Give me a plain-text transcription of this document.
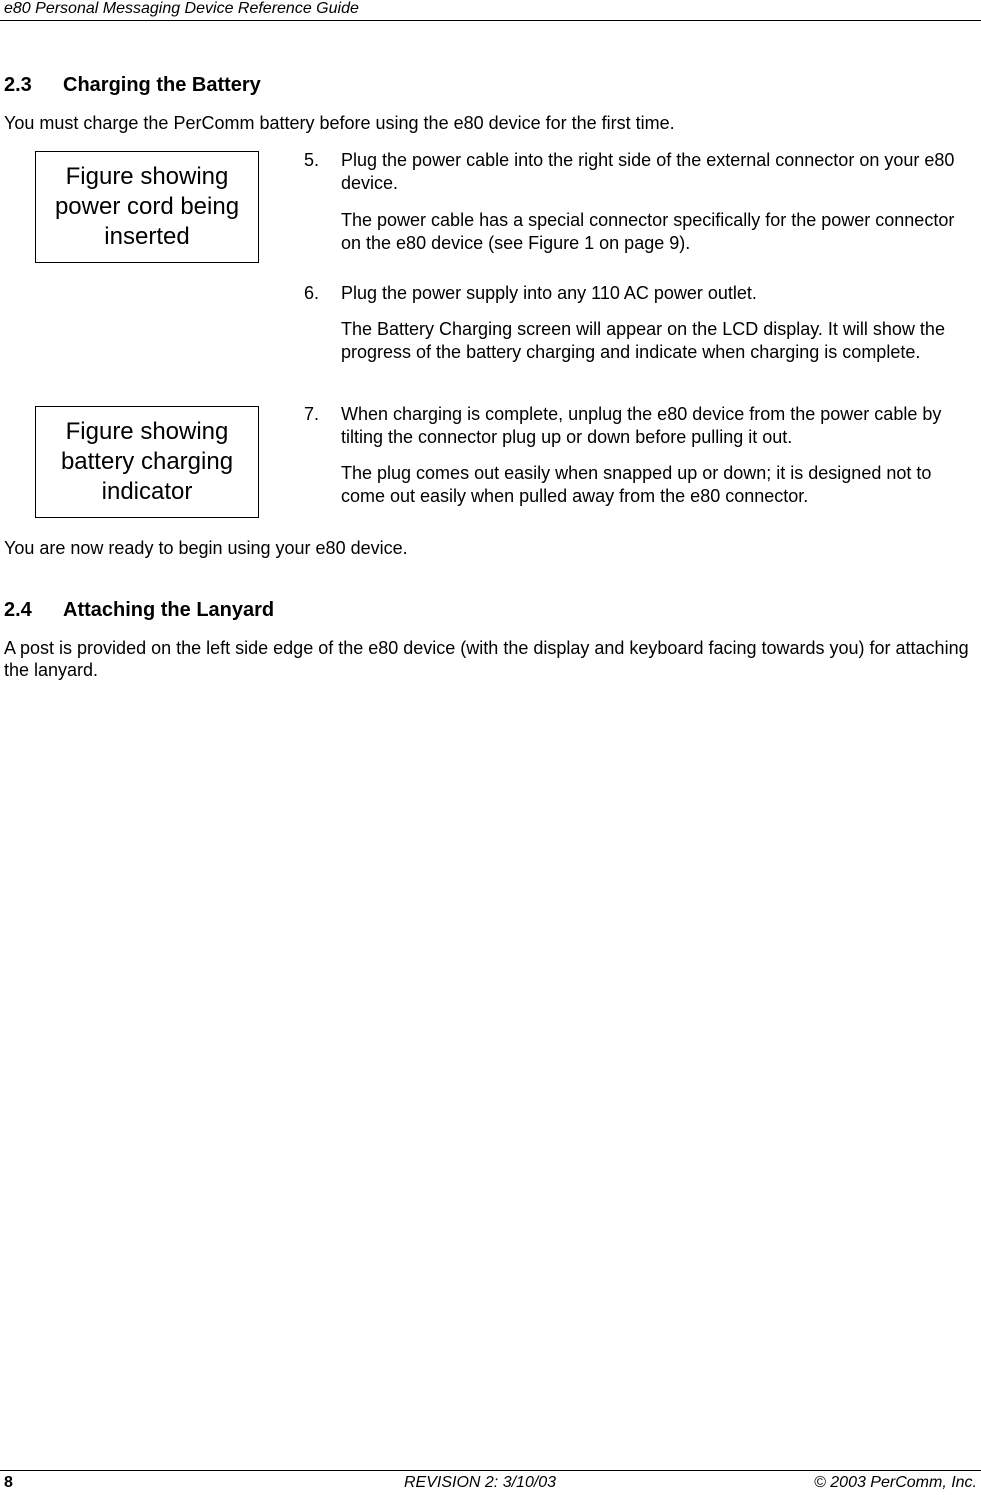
e80 Personal Messaging Device Reference Guide
2.3 Charging the Battery
You must charge the PerComm battery before using the e80 device for the first time.
Figure showing power cord being inserted
5. Plug the power cable into the right side of the external connector on your e80 device.
The power cable has a special connector specifically for the power connector on the e80 device (see Figure 1 on page 9).
6. Plug the power supply into any 110 AC power outlet.
The Battery Charging screen will appear on the LCD display. It will show the progress of the battery charging and indicate when charging is complete.
Figure showing battery charging indicator
7. When charging is complete, unplug the e80 device from the power cable by tilting the connector plug up or down before pulling it out.
The plug comes out easily when snapped up or down; it is designed not to come out easily when pulled away from the e80 connector.
You are now ready to begin using your e80 device.
2.4 Attaching the Lanyard
A post is provided on the left side edge of the e80 device (with the display and keyboard facing towards you) for attaching the lanyard.
8	REVISION 2: 3/10/03	© 2003 PerComm, Inc.
